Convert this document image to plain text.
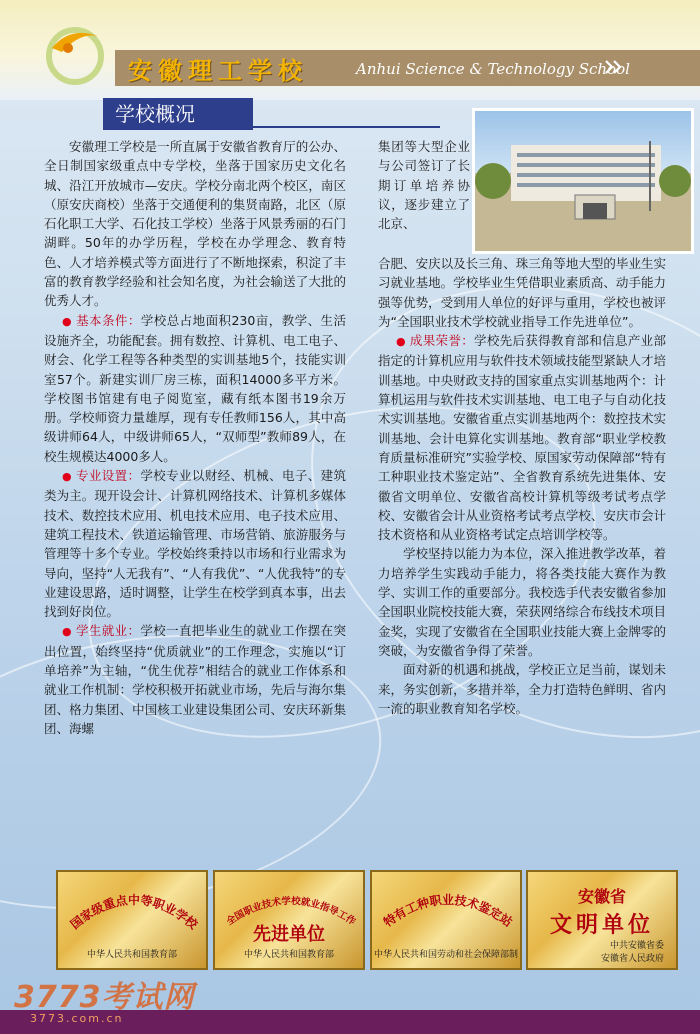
安徽理工学校	Anhui Science & Technology School
学校概况

安徽理工学校是一所直属于安徽省教育厅的公办、全日制国家级重点中专学校，坐落于国家历史文化名城、沿江开放城市—安庆。学校分南北两个校区，南区（原安庆商校）坐落于交通便利的集贤南路，北区（原石化职工大学、石化技工学校）坐落于风景秀丽的石门湖畔。50年的办学历程，学校在办学理念、教育特色、人才培养模式等方面进行了不断地探索，积淀了丰富的教育教学经验和社会知名度，为社会输送了大批的优秀人才。

● 基本条件：学校总占地面积230亩，教学、生活设施齐全，功能配套。拥有数控、计算机、电工电子、财会、化学工程等各种类型的实训基地5个，技能实训室57个。新建实训厂房三栋，面积14000多平方米。学校图书馆建有电子阅览室，藏有纸本图书19余万册。学校师资力量雄厚，现有专任教师156人，其中高级讲师64人，中级讲师65人，“双师型”教师89人，在校生规模达4000多人。

● 专业设置：学校专业以财经、机械、电子、建筑类为主。现开设会计、计算机网络技术、计算机多媒体技术、数控技术应用、机电技术应用、电子技术应用、建筑工程技术、铁道运输管理、市场营销、旅游服务与管理等十多个专业。学校始终秉持以市场和行业需求为导向，坚持“人无我有”、“人有我优”、“人优我特”的专业建设思路，适时调整，让学生在校学到真本事，出去找到好岗位。

● 学生就业：学校一直把毕业生的就业工作摆在突出位置，始终坚持“优质就业”的工作理念，实施以“订单培养”为主轴，“优生优荐”相结合的就业工作体系和就业工作机制：学校积极开拓就业市场，先后与海尔集团、格力集团、中国核工业建设集团公司、安庆环新集团、海螺

集团等大型企业与公司签订了长期订单培养协议，逐步建立了北京、

合肥、安庆以及长三角、珠三角等地大型的毕业生实习就业基地。学校毕业生凭借职业素质高、动手能力强等优势，受到用人单位的好评与重用，学校也被评为“全国职业技术学校就业指导工作先进单位”。

● 成果荣誉：学校先后获得教育部和信息产业部指定的计算机应用与软件技术领域技能型紧缺人才培训基地。中央财政支持的国家重点实训基地两个：计算机运用与软件技术实训基地、电工电子与自动化技术实训基地。安徽省重点实训基地两个：数控技术实训基地、会计电算化实训基地。教育部“职业学校教育质量标准研究”实验学校、原国家劳动保障部“特有工种职业技术鉴定站”、全省教育系统先进集体、安徽省文明单位、安徽省高校计算机等级考试考点学校、安徽省会计从业资格考试考点学校、安庆市会计技术资格和从业资格考试定点培训学校等。

学校坚持以能力为本位，深入推进教学改革，着力培养学生实践动手能力，将各类技能大赛作为教学、实训工作的重要部分。我校选手代表安徽省参加全国职业院校技能大赛，荣获网络综合布线技术项目金奖，实现了安徽省在全国职业技能大赛上金牌零的突破，为安徽省争得了荣誉。

面对新的机遇和挑战，学校正立足当前，谋划未来，务实创新，多措并举，全力打造特色鲜明、省内一流的职业教育知名学校。

国家级重点中等职业学校
中华人民共和国教育部
全国职业技术学校就业指导工作
先进单位
中华人民共和国教育部
特有工种职业技术鉴定站
中华人民共和国劳动和社会保障部制
安徽省
文明单位
中共安徽省委
安徽省人民政府
3773考试网
3773.com.cn
